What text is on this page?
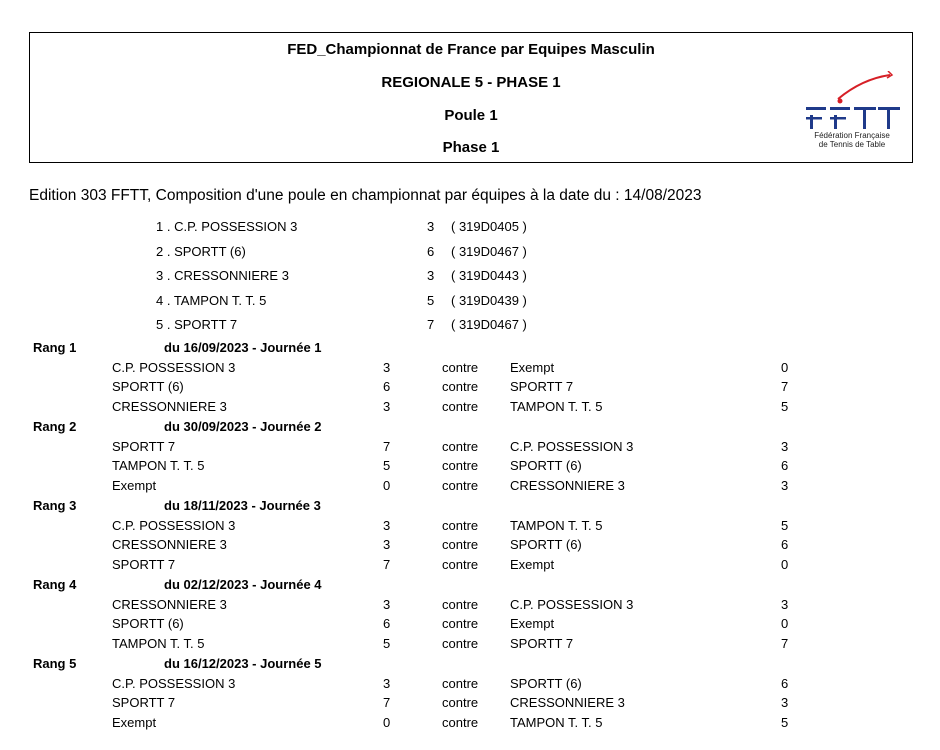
FED_Championnat de France par Equipes Masculin
REGIONALE 5 - PHASE 1
Poule 1
Phase 1
Fédération Française
de Tennis de Table
Edition 303 FFTT, Composition d'une poule en championnat par équipes à la date du : 14/08/2023
1 . C.P. POSSESSION 3	3 ( 319D0405 )
2 . SPORTT (6)	6 ( 319D0467 )
3 . CRESSONNIERE 3	3 ( 319D0443 )
4 . TAMPON T. T. 5	5 ( 319D0439 )
5 . SPORTT 7	7 ( 319D0467 )
Rang 1	du 16/09/2023 - Journée 1
C.P. POSSESSION 3	3	contre Exempt	0
SPORTT (6)	6	contre SPORTT 7	7
CRESSONNIERE 3	3	contre TAMPON T. T. 5	5
Rang 2	du 30/09/2023 - Journée 2
SPORTT 7	7	contre C.P. POSSESSION 3	3
TAMPON T. T. 5	5	contre SPORTT (6)	6
Exempt	0	contre CRESSONNIERE 3	3
Rang 3	du 18/11/2023 - Journée 3
C.P. POSSESSION 3	3	contre TAMPON T. T. 5	5
CRESSONNIERE 3	3	contre SPORTT (6)	6
SPORTT 7	7	contre Exempt	0
Rang 4	du 02/12/2023 - Journée 4
CRESSONNIERE 3	3	contre C.P. POSSESSION 3	3
SPORTT (6)	6	contre Exempt	0
TAMPON T. T. 5	5	contre SPORTT 7	7
Rang 5	du 16/12/2023 - Journée 5
C.P. POSSESSION 3	3	contre SPORTT (6)	6
SPORTT 7	7	contre CRESSONNIERE 3	3
Exempt	0	contre TAMPON T. T. 5	5
